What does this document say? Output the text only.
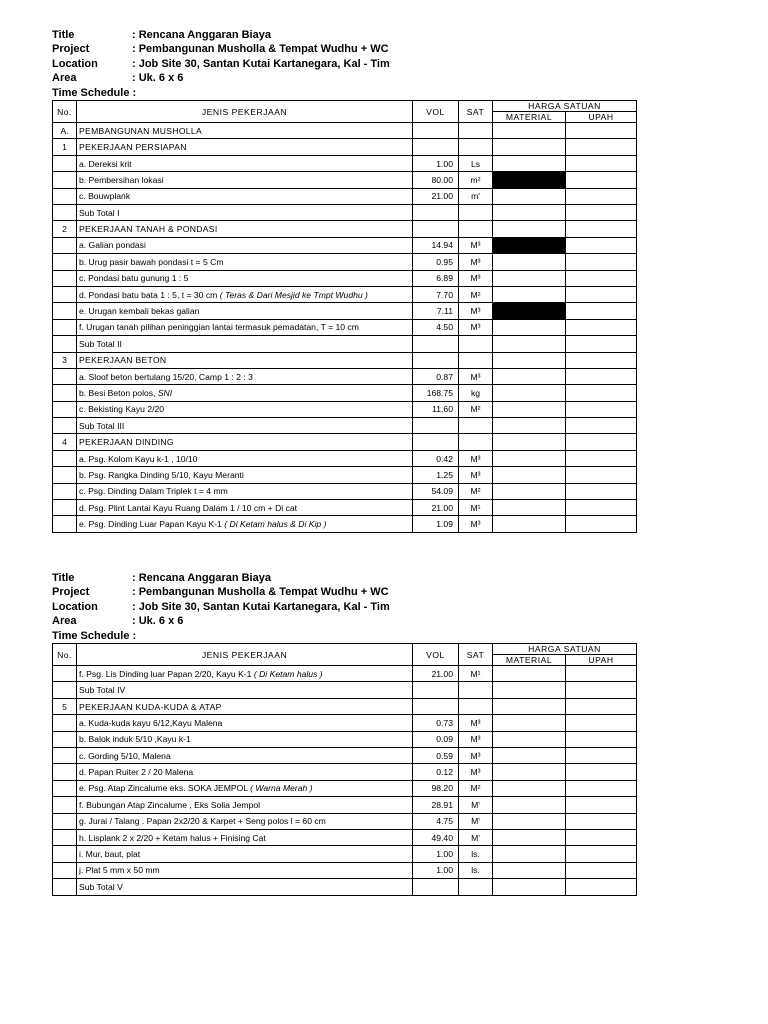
Title	: Rencana Anggaran Biaya
Project	: Pembangunan Musholla & Tempat Wudhu + WC
Location	: Job Site 30, Santan Kutai Kartanegara, Kal - Tim
Area	: Uk. 6 x 6
Time Schedule :
No.	JENIS PEKERJAAN	VOL	SAT	HARGA SATUAN	
				MATERIAL	UPAH
A.	PEMBANGUNAN MUSHOLLA				
1	PEKERJAAN PERSIAPAN				
	a. Dereksi krit	1.00	Ls		
	b. Pembersihan lokasi	80.00	m²		
	c. Bouwplank	21.00	m'		
	Sub Total I				
2	PEKERJAAN TANAH & PONDASI				
	a. Galian pondasi	14.94	M³		
	b. Urug pasir bawah pondasi t = 5 Cm	0.95	M³		
	c. Pondasi batu gunung 1 : 5	6.89	M³		
	d. Pondasi batu bata 1 : 5, t = 30 cm ( Teras & Dari Mesjid ke Tmpt Wudhu )	7.70	M²		
	e. Urugan kembali bekas galian	7.11	M³		
	f. Urugan tanah pilihan peninggian lantai termasuk pemadatan, T = 10 cm	4.50	M³		
	Sub Total II				
3	PEKERJAAN BETON				
	a. Sloof beton bertulang 15/20, Camp 1 : 2 : 3	0.87	M³		
	b. Besi Beton polos, SNI	168.75	kg		
	c. Bekisting Kayu 2/20	11.60	M²		
	Sub Total III				
4	PEKERJAAN DINDING				
	a. Psg. Kolom Kayu k-1 , 10/10	0.42	M³		
	b. Psg. Rangka Dinding 5/10, Kayu Meranti	1.25	M³		
	c. Psg. Dinding Dalam Triplek t = 4 mm	54.09	M²		
	d. Psg. Plint Lantai Kayu Ruang Dalam 1 / 10 cm + Di cat	21.00	M¹		
	e. Psg. Dinding Luar Papan Kayu K-1 ( Di Ketam halus & Di Kip )	1.09	M³		
Title	: Rencana Anggaran Biaya
Project	: Pembangunan Musholla & Tempat Wudhu + WC
Location	: Job Site 30, Santan Kutai Kartanegara, Kal - Tim
Area	: Uk. 6 x 6
Time Schedule :
No.	JENIS PEKERJAAN	VOL	SAT	HARGA SATUAN	
				MATERIAL	UPAH
	f. Psg. Lis Dinding luar Papan 2/20, Kayu K-1 ( Di Ketam halus )	21.00	M¹		
	Sub Total IV				
5	PEKERJAAN KUDA-KUDA & ATAP				
	a. Kuda-kuda kayu 6/12,Kayu Malena	0.73	M³		
	b. Balok induk 5/10 ,Kayu k-1	0.09	M³		
	c. Gording 5/10, Malena	0.59	M³		
	d. Papan Ruiter 2 / 20 Malena	0.12	M³		
	e. Psg. Atap Zincalume eks. SOKA JEMPOL ( Warna Merah )	98.20	M²		
	f. Bubungan Atap Zincalume , Eks Solia Jempol	28.91	M'		
	g. Jurai / Talang . Papan 2x2/20 & Karpet + Seng polos l = 60 cm	4.75	M'		
	h. Lisplank 2 x 2/20 + Ketam halus + Finising Cat	49.40	M'		
	i. Mur, baut, plat	1.00	ls.		
	j. Plat 5 mm x 50 mm	1.00	ls.		
	Sub Total V				
